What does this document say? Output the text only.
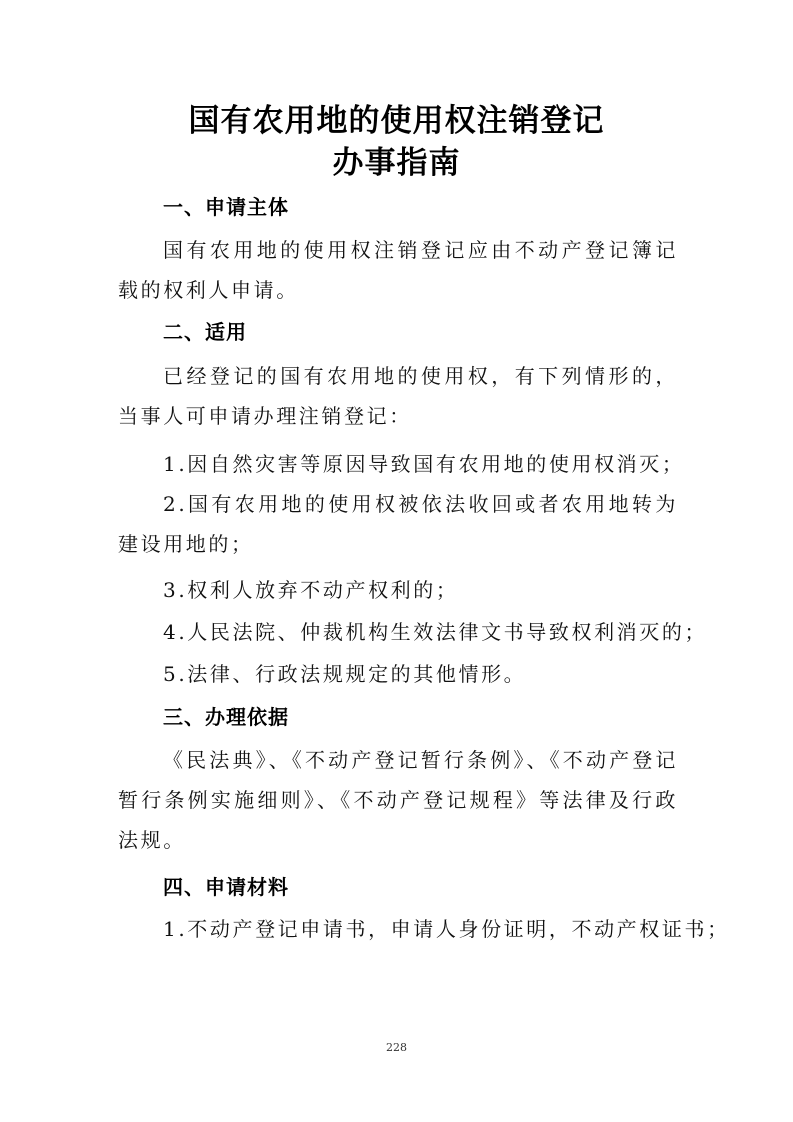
国有农用地的使用权注销登记
办事指南
一、申请主体
国有农用地的使用权注销登记应由不动产登记簿记载的权利人申请。
二、适用
已经登记的国有农用地的使用权，有下列情形的，当事人可申请办理注销登记：
1.因自然灾害等原因导致国有农用地的使用权消灭；
2.国有农用地的使用权被依法收回或者农用地转为建设用地的；
3.权利人放弃不动产权利的；
4.人民法院、仲裁机构生效法律文书导致权利消灭的；
5.法律、行政法规规定的其他情形。
三、办理依据
《民法典》、《不动产登记暂行条例》、《不动产登记暂行条例实施细则》、《不动产登记规程》等法律及行政法规。
四、申请材料
1.不动产登记申请书，申请人身份证明，不动产权证书；
228
